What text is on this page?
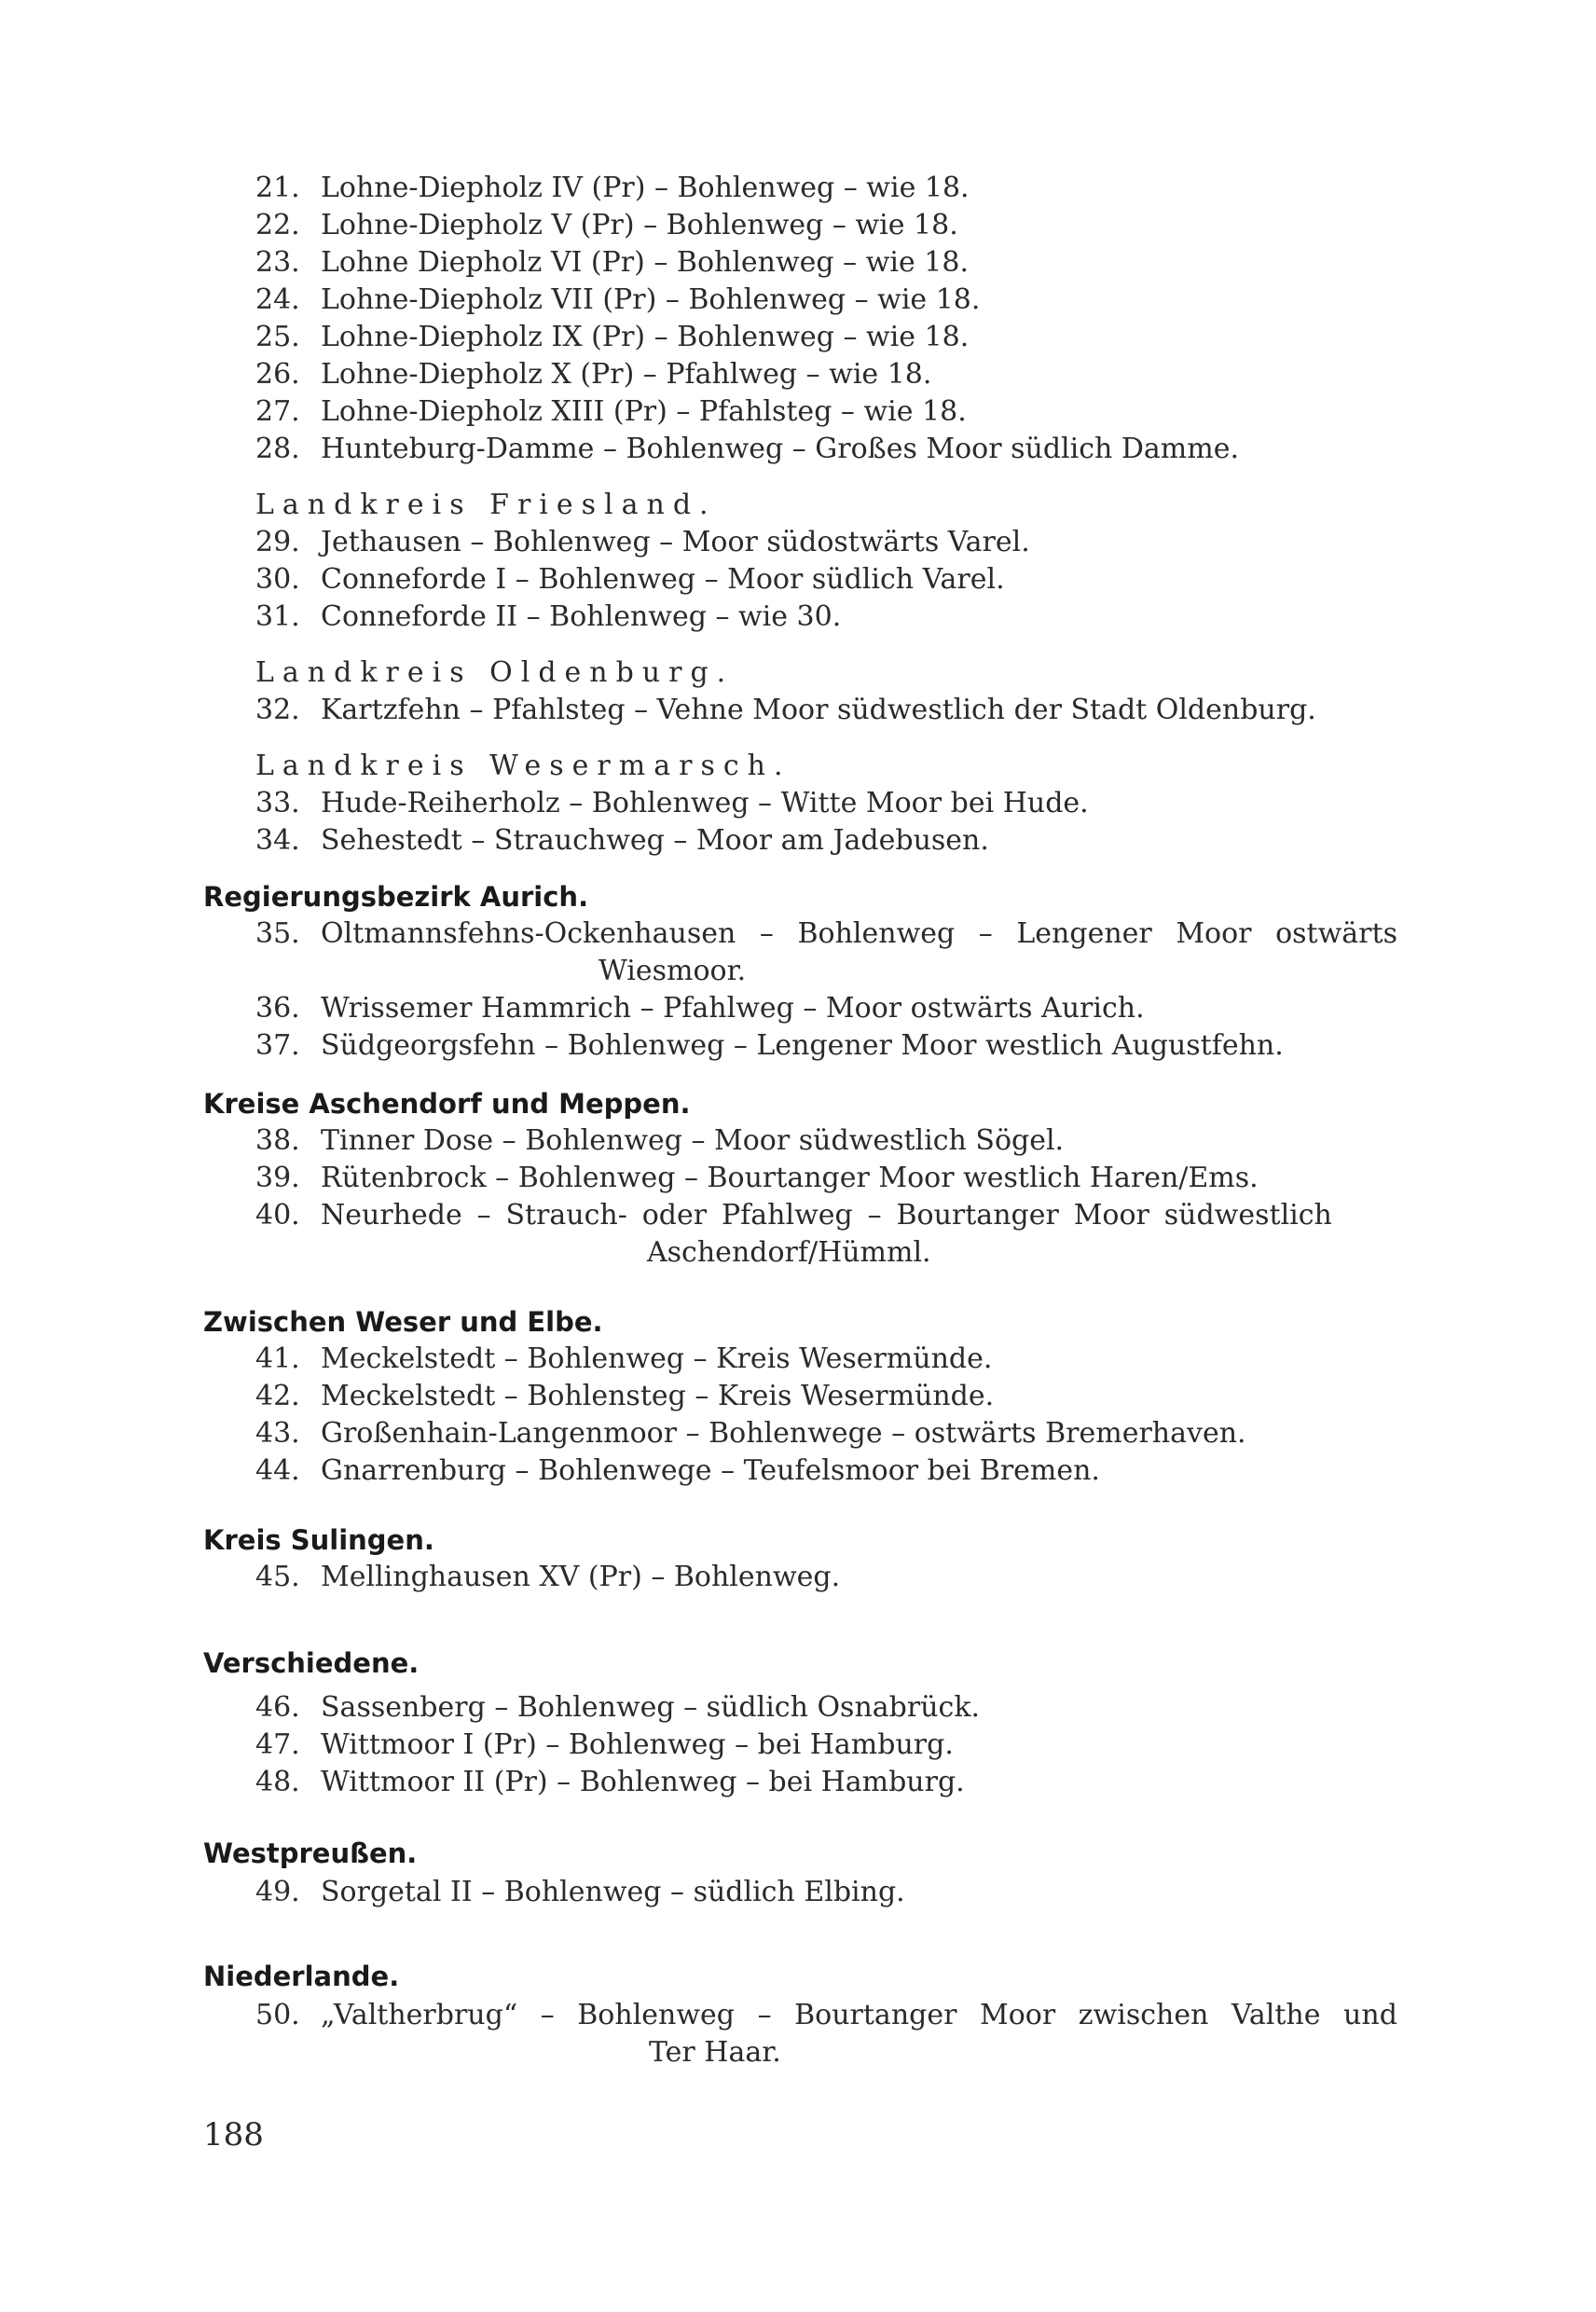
21. Lohne-Diepholz IV (Pr) – Bohlenweg – wie 18.
22. Lohne-Diepholz V (Pr) – Bohlenweg – wie 18.
23. Lohne Diepholz VI (Pr) – Bohlenweg – wie 18.
24. Lohne-Diepholz VII (Pr) – Bohlenweg – wie 18.
25. Lohne-Diepholz IX (Pr) – Bohlenweg – wie 18.
26. Lohne-Diepholz X (Pr) – Pfahlweg – wie 18.
27. Lohne-Diepholz XIII (Pr) – Pfahlsteg – wie 18.
28. Hunteburg-Damme – Bohlenweg – Großes Moor südlich Damme.
Landkreis Friesland.
29. Jethausen – Bohlenweg – Moor südostwärts Varel.
30. Conneforde I – Bohlenweg – Moor südlich Varel.
31. Conneforde II – Bohlenweg – wie 30.
Landkreis Oldenburg.
32. Kartzfehn – Pfahlsteg – Vehne Moor südwestlich der Stadt Oldenburg.
Landkreis Wesermarsch.
33. Hude-Reiherholz – Bohlenweg – Witte Moor bei Hude.
34. Sehestedt – Strauchweg – Moor am Jadebusen.
Regierungsbezirk Aurich.
35. Oltmannsfehns-Ockenhausen – Bohlenweg – Lengener Moor ostwärts
Wiesmoor.
36. Wrissemer Hammrich – Pfahlweg – Moor ostwärts Aurich.
37. Südgeorgsfehn – Bohlenweg – Lengener Moor westlich Augustfehn.
Kreise Aschendorf und Meppen.
38. Tinner Dose – Bohlenweg – Moor südwestlich Sögel.
39. Rütenbrock – Bohlenweg – Bourtanger Moor westlich Haren/Ems.
40. Neurhede – Strauch- oder Pfahlweg – Bourtanger Moor südwestlich
Aschendorf/Hümml.
Zwischen Weser und Elbe.
41. Meckelstedt – Bohlenweg – Kreis Wesermünde.
42. Meckelstedt – Bohlensteg – Kreis Wesermünde.
43. Großenhain-Langenmoor – Bohlenwege – ostwärts Bremerhaven.
44. Gnarrenburg – Bohlenwege – Teufelsmoor bei Bremen.
Kreis Sulingen.
45. Mellinghausen XV (Pr) – Bohlenweg.
Verschiedene.
46. Sassenberg – Bohlenweg – südlich Osnabrück.
47. Wittmoor I (Pr) – Bohlenweg – bei Hamburg.
48. Wittmoor II (Pr) – Bohlenweg – bei Hamburg.
Westpreußen.
49. Sorgetal II – Bohlenweg – südlich Elbing.
Niederlande.
50. „Valtherbrug“ – Bohlenweg – Bourtanger Moor zwischen Valthe und
Ter Haar.
188
